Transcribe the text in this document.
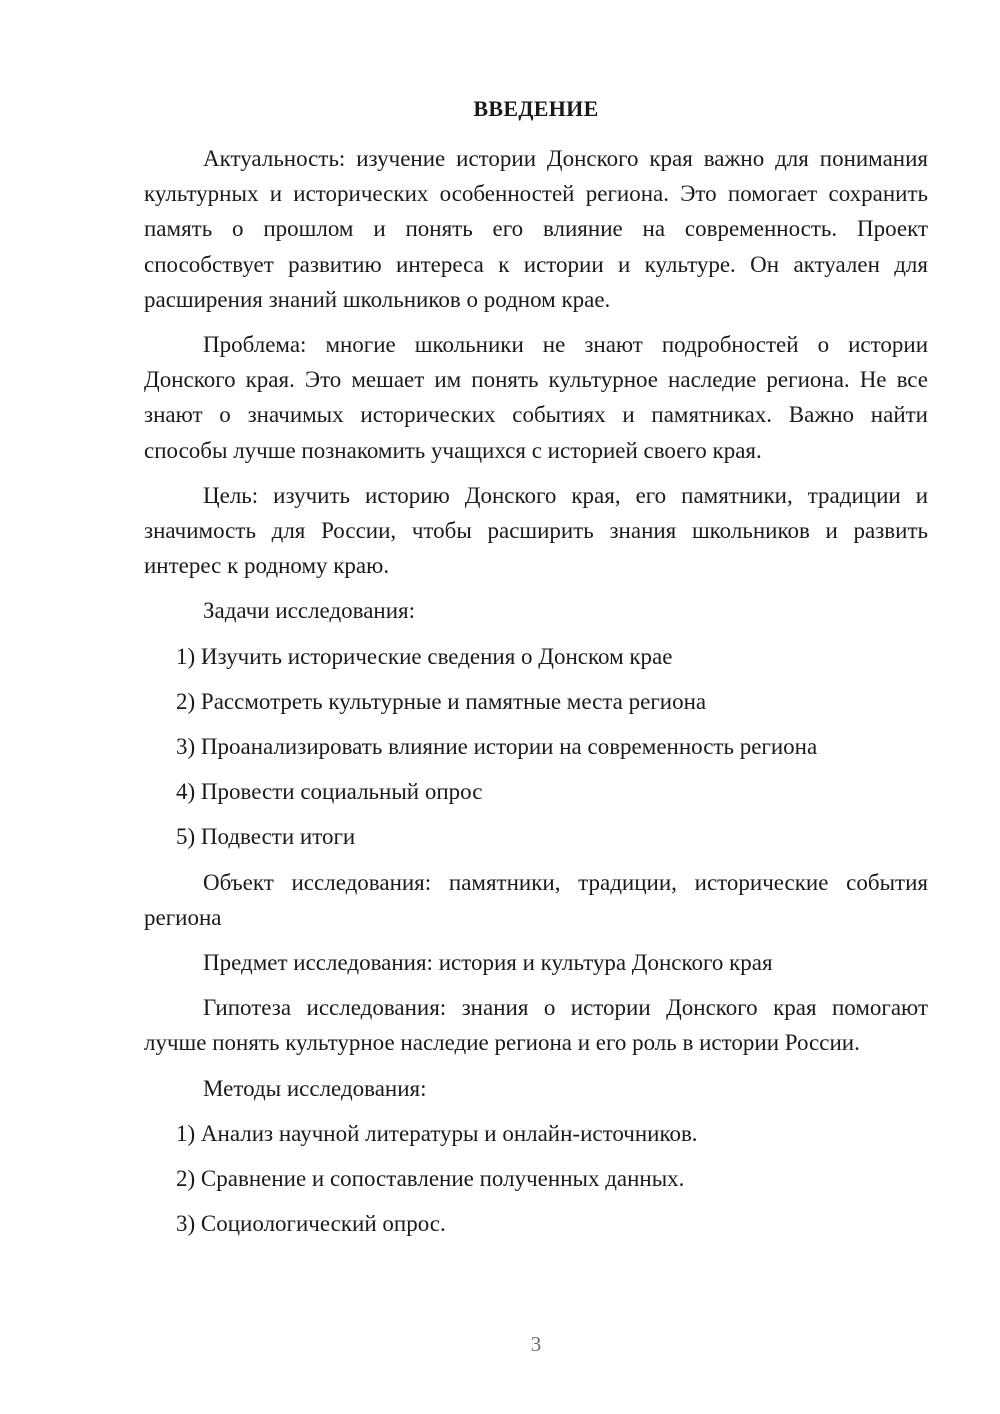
ВВЕДЕНИЕ

Актуальность: изучение истории Донского края важно для понимания культурных и исторических особенностей региона. Это помогает сохранить память о прошлом и понять его влияние на современность. Проект способствует развитию интереса к истории и культуре. Он актуален для расширения знаний школьников о родном крае.

Проблема: многие школьники не знают подробностей о истории Донского края. Это мешает им понять культурное наследие региона. Не все знают о значимых исторических событиях и памятниках. Важно найти способы лучше познакомить учащихся с историей своего края.

Цель: изучить историю Донского края, его памятники, традиции и значимость для России, чтобы расширить знания школьников и развить интерес к родному краю.

Задачи исследования:

1) Изучить исторические сведения о Донском крае

2) Рассмотреть культурные и памятные места региона

3) Проанализировать влияние истории на современность региона

4) Провести социальный опрос

5) Подвести итоги

Объект исследования: памятники, традиции, исторические события региона

Предмет исследования: история и культура Донского края

Гипотеза исследования: знания о истории Донского края помогают лучше понять культурное наследие региона и его роль в истории России.

Методы исследования:

1) Анализ научной литературы и онлайн-источников.

2) Сравнение и сопоставление полученных данных.

3) Социологический опрос.

3
